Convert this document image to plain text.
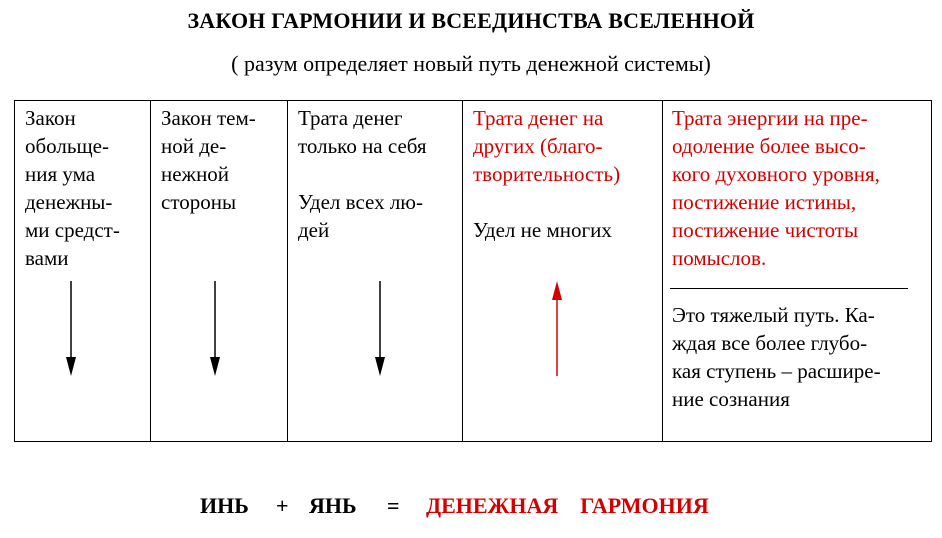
ЗАКОН ГАРМОНИИ И ВСЕЕДИНСТВА ВСЕЛЕННОЙ
( разум определяет новый путь денежной системы)

Закон
обольще-
ния ума
денежны-
ми средст-
вами

Закон тем-
ной де-
нежной
стороны

Трата денег
только на себя

Удел всех лю-
дей

Трата денег на
других (благо-
творительность)

Удел не многих

Трата энергии на пре-
одоление более высо-
кого духовного уровня,
постижение истины,
постижение чистоты
помыслов.

Это тяжелый путь. Ка-
ждая все более глубо-
кая ступень – расшире-
ние сознания

ИНЬ + ЯНЬ = ДЕНЕЖНАЯ    ГАРМОНИЯ
